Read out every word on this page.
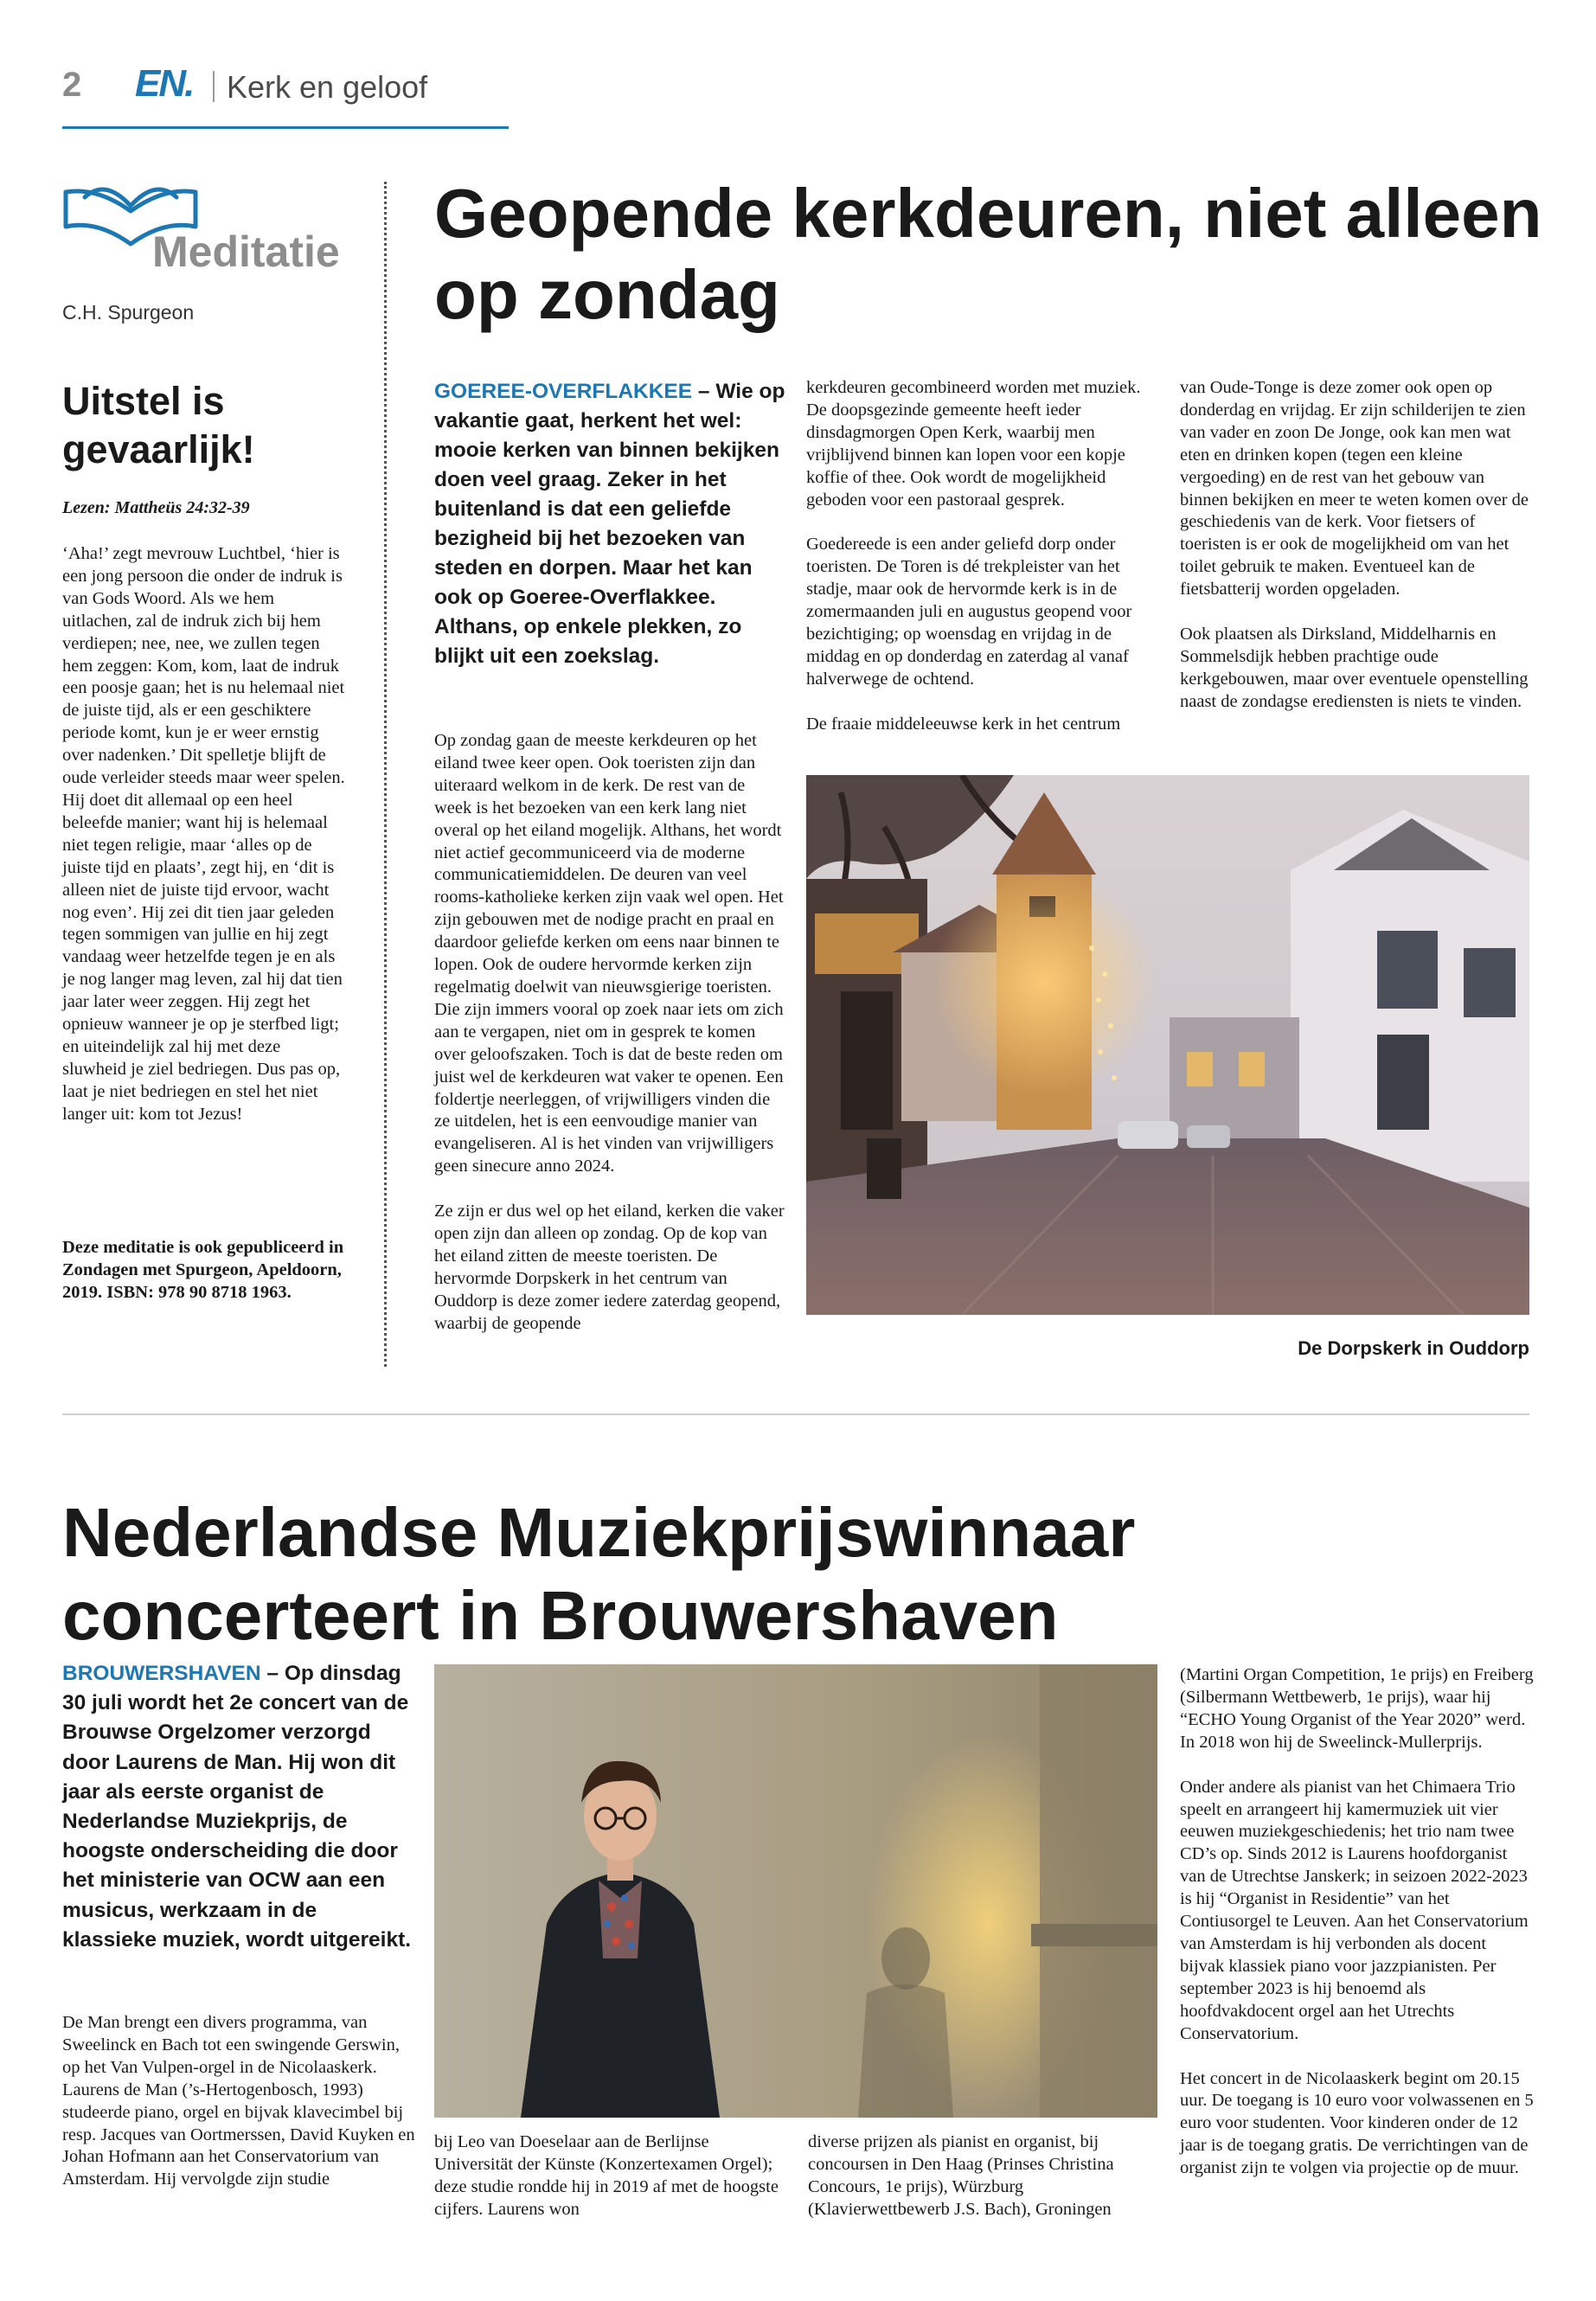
2 EN. Kerk en geloof
Meditatie
C.H. Spurgeon
Uitstel is gevaarlijk!
Lezen: Mattheüs 24:32-39
‘Aha!’ zegt mevrouw Luchtbel, ‘hier is een jong persoon die onder de indruk is van Gods Woord. Als we hem uitlachen, zal de indruk zich bij hem verdiepen; nee, nee, we zullen tegen hem zeggen: Kom, kom, laat de indruk een poosje gaan; het is nu helemaal niet de juiste tijd, als er een geschiktere periode komt, kun je er weer ernstig over nadenken.’ Dit spelletje blijft de oude verleider steeds maar weer spelen. Hij doet dit allemaal op een heel beleefde manier; want hij is helemaal niet tegen religie, maar ‘alles op de juiste tijd en plaats’, zegt hij, en ‘dit is alleen niet de juiste tijd ervoor, wacht nog even’. Hij zei dit tien jaar geleden tegen sommigen van jullie en hij zegt vandaag weer hetzelfde tegen je en als je nog langer mag leven, zal hij dat tien jaar later weer zeggen. Hij zegt het opnieuw wanneer je op je sterfbed ligt; en uiteindelijk zal hij met deze sluwheid je ziel bedriegen. Dus pas op, laat je niet bedriegen en stel het niet langer uit: kom tot Jezus!
Deze meditatie is ook gepubliceerd in Zondagen met Spurgeon, Apeldoorn, 2019. ISBN: 978 90 8718 1963.
Geopende kerkdeuren, niet alleen op zondag
GOEREE-OVERFLAKKEE – Wie op vakantie gaat, herkent het wel: mooie kerken van binnen bekijken doen veel graag. Zeker in het buitenland is dat een geliefde bezigheid bij het bezoeken van steden en dorpen. Maar het kan ook op Goeree-Overflakkee. Althans, op enkele plekken, zo blijkt uit een zoekslag.

Op zondag gaan de meeste kerkdeuren op het eiland twee keer open. Ook toeristen zijn dan uiteraard welkom in de kerk. De rest van de week is het bezoeken van een kerk lang niet overal op het eiland mogelijk. Althans, het wordt niet actief gecommuniceerd via de moderne communicatiemiddelen. De deuren van veel rooms-katholieke kerken zijn vaak wel open. Het zijn gebouwen met de nodige pracht en praal en daardoor geliefde kerken om eens naar binnen te lopen. Ook de oudere hervormde kerken zijn regelmatig doelwit van nieuwsgierige toeristen. Die zijn immers vooral op zoek naar iets om zich aan te vergapen, niet om in gesprek te komen over geloofszaken. Toch is dat de beste reden om juist wel de kerkdeuren wat vaker te openen. Een foldertje neerleggen, of vrijwilligers vinden die ze uitdelen, het is een eenvoudige manier van evangeliseren. Al is het vinden van vrijwilligers geen sinecure anno 2024.

Ze zijn er dus wel op het eiland, kerken die vaker open zijn dan alleen op zondag. Op de kop van het eiland zitten de meeste toeristen. De hervormde Dorpskerk in het centrum van Ouddorp is deze zomer iedere zaterdag geopend, waarbij de geopende

kerkdeuren gecombineerd worden met muziek. De doopsgezinde gemeente heeft ieder dinsdagmorgen Open Kerk, waarbij men vrijblijvend binnen kan lopen voor een kopje koffie of thee. Ook wordt de mogelijkheid geboden voor een pastoraal gesprek.

Goedereede is een ander geliefd dorp onder toeristen. De Toren is dé trekpleister van het stadje, maar ook de hervormde kerk is in de zomermaanden juli en augustus geopend voor bezichtiging; op woensdag en vrijdag in de middag en op donderdag en zaterdag al vanaf halverwege de ochtend.

De fraaie middeleeuwse kerk in het centrum

van Oude-Tonge is deze zomer ook open op donderdag en vrijdag. Er zijn schilderijen te zien van vader en zoon De Jonge, ook kan men wat eten en drinken kopen (tegen een kleine vergoeding) en de rest van het gebouw van binnen bekijken en meer te weten komen over de geschiedenis van de kerk. Voor fietsers of toeristen is er ook de mogelijkheid om van het toilet gebruik te maken. Eventueel kan de fietsbatterij worden opgeladen.

Ook plaatsen als Dirksland, Middelharnis en Sommelsdijk hebben prachtige oude kerkgebouwen, maar over eventuele openstelling naast de zondagse erediensten is niets te vinden.

De Dorpskerk in Ouddorp
Nederlandse Muziekprijswinnaar concerteert in Brouwershaven
BROUWERSHAVEN – Op dinsdag 30 juli wordt het 2e concert van de Brouwse Orgelzomer verzorgd door Laurens de Man. Hij won dit jaar als eerste organist de Nederlandse Muziekprijs, de hoogste onderscheiding die door het ministerie van OCW aan een musicus, werkzaam in de klassieke muziek, wordt uitgereikt.

De Man brengt een divers programma, van Sweelinck en Bach tot een swingende Gerswin, op het Van Vulpen-orgel in de Nicolaaskerk. Laurens de Man (’s-Hertogenbosch, 1993) studeerde piano, orgel en bijvak klavecimbel bij resp. Jacques van Oortmerssen, David Kuyken en Johan Hofmann aan het Conservatorium van Amsterdam. Hij vervolgde zijn studie

bij Leo van Doeselaar aan de Berlijnse Universität der Künste (Konzertexamen Orgel); deze studie rondde hij in 2019 af met de hoogste cijfers. Laurens won

diverse prijzen als pianist en organist, bij concoursen in Den Haag (Prinses Christina Concours, 1e prijs), Würzburg (Klavierwettbewerb J.S. Bach), Groningen

(Martini Organ Competition, 1e prijs) en Freiberg (Silbermann Wettbewerb, 1e prijs), waar hij “ECHO Young Organist of the Year 2020” werd. In 2018 won hij de Sweelinck-Mullerprijs.

Onder andere als pianist van het Chimaera Trio speelt en arrangeert hij kamermuziek uit vier eeuwen muziekgeschiedenis; het trio nam twee CD’s op. Sinds 2012 is Laurens hoofdorganist van de Utrechtse Janskerk; in seizoen 2022-2023 is hij “Organist in Residentie” van het Contiusorgel te Leuven. Aan het Conservatorium van Amsterdam is hij verbonden als docent bijvak klassiek piano voor jazzpianisten. Per september 2023 is hij benoemd als hoofdvakdocent orgel aan het Utrechts Conservatorium.

Het concert in de Nicolaaskerk begint om 20.15 uur. De toegang is 10 euro voor volwassenen en 5 euro voor studenten. Voor kinderen onder de 12 jaar is de toegang gratis. De verrichtingen van de organist zijn te volgen via projectie op de muur.
